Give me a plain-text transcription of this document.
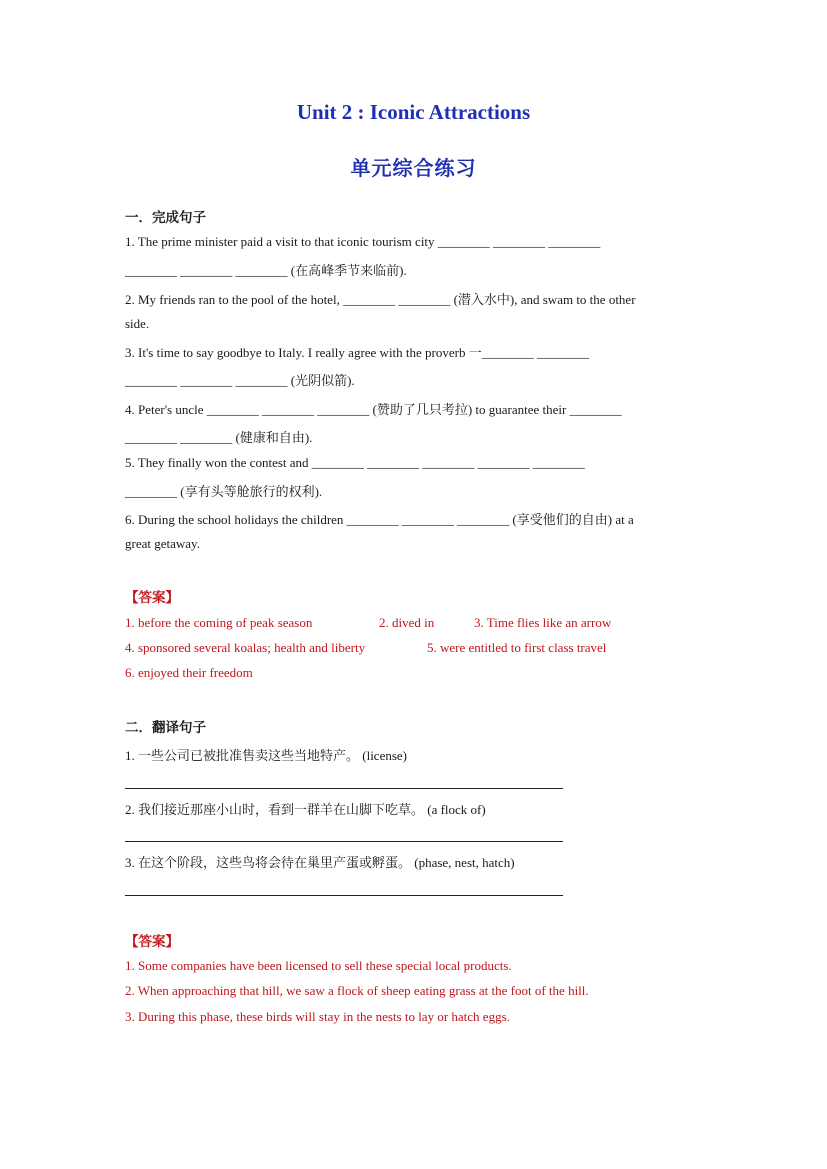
Unit 2 : Iconic Attractions
单元综合练习
一．完成句子
1. The prime minister paid a visit to that iconic tourism city ________ ________ ________
________ ________ ________ (在高峰季节来临前).
2. My friends ran to the pool of the hotel, ________ ________ (潜入水中), and swam to the other
side.
3. It's time to say goodbye to Italy. I really agree with the proverb 一________ ________
________ ________ ________ (光阴似箭).
4. Peter's uncle ________ ________ ________ (赞助了几只考拉) to guarantee their ________
________ ________ (健康和自由).
5. They finally won the contest and ________ ________ ________ ________ ________
________ (享有头等舱旅行的权利).
6. During the school holidays the children ________ ________ ________ (享受他们的自由) at a
great getaway.
【答案】
1. before the coming of peak season	2. dived in	3. Time flies like an arrow
4. sponsored several koalas; health and liberty	5. were entitled to first class travel
6. enjoyed their freedom
二．翻译句子
1. 一些公司已被批准售卖这些当地特产。 (license)
2. 我们接近那座小山时，看到一群羊在山脚下吃草。 (a flock of)
3. 在这个阶段，这些鸟将会待在巢里产蛋或孵蛋。 (phase, nest, hatch)
【答案】
1. Some companies have been licensed to sell these special local products.
2. When approaching that hill, we saw a flock of sheep eating grass at the foot of the hill.
3. During this phase, these birds will stay in the nests to lay or hatch eggs.
